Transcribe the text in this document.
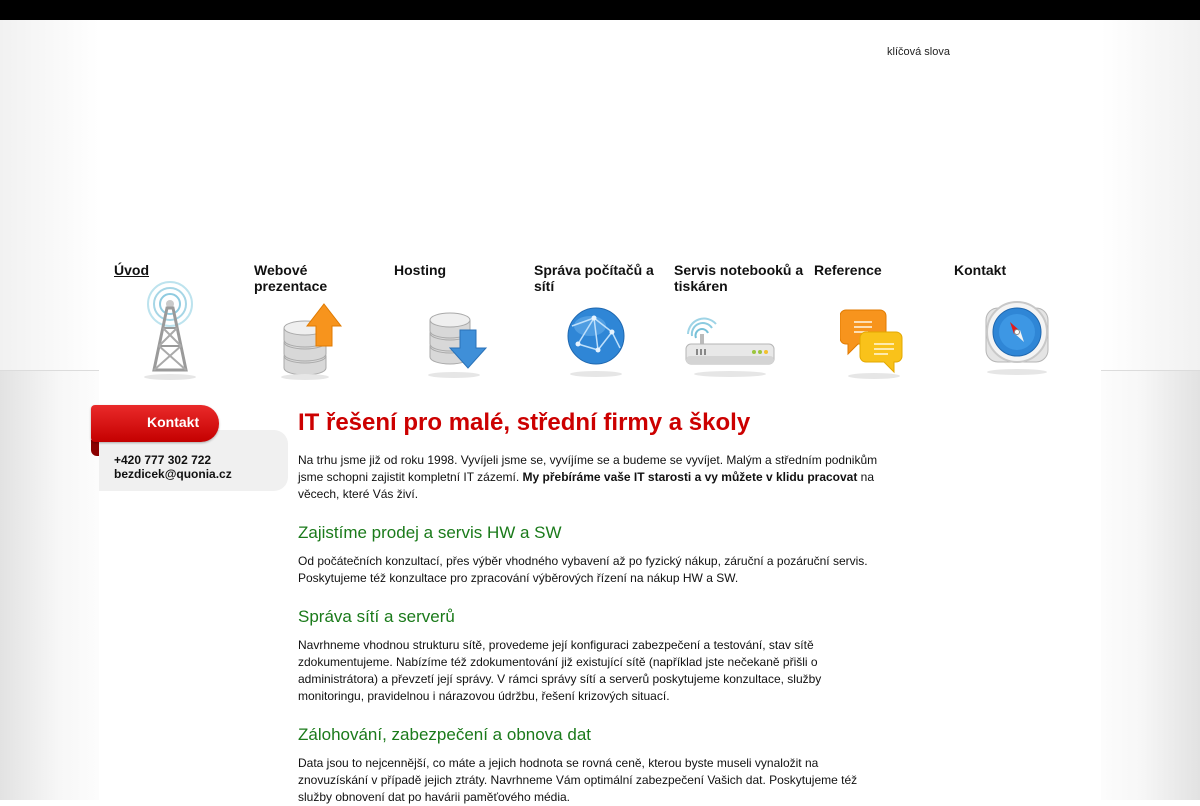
klíčová slova
Úvod	Webové prezentace
Hosting	Správa počítačů a sítí
Servis notebooků a tiskáren
Reference	Kontakt
Kontakt
+420 777 302 722
bezdicek@quonia.cz
IT řešení pro malé, střední firmy a školy

Na trhu jsme již od roku 1998. Vyvíjeli jsme se, vyvíjíme se a budeme se vyvíjet. Malým a středním podnikům jsme schopni zajistit kompletní IT zázemí. My přebíráme vaše IT starosti a vy můžete v klidu pracovat na věcech, které Vás živí.

Zajistíme prodej a servis HW a SW

Od počátečních konzultací, přes výběr vhodného vybavení až po fyzický nákup, záruční a pozáruční servis. Poskytujeme též konzultace pro zpracování výběrových řízení na nákup HW a SW.

Správa sítí a serverů

Navrhneme vhodnou strukturu sítě, provedeme její konfiguraci zabezpečení a testování, stav sítě zdokumentujeme. Nabízíme též zdokumentování již existující sítě (například jste nečekaně přišli o administrátora) a převzetí její správy. V rámci správy sítí a serverů poskytujeme konzultace, služby monitoringu, pravidelnou i nárazovou údržbu, řešení krizových situací.

Zálohování, zabezpečení a obnova dat

Data jsou to nejcennější, co máte a jejich hodnota se rovná ceně, kterou byste museli vynaložit na znovuzískání v případě jejich ztráty. Navrhneme Vám optimální zabezpečení Vašich dat. Poskytujeme též služby obnovení dat po havárii paměťového média.
